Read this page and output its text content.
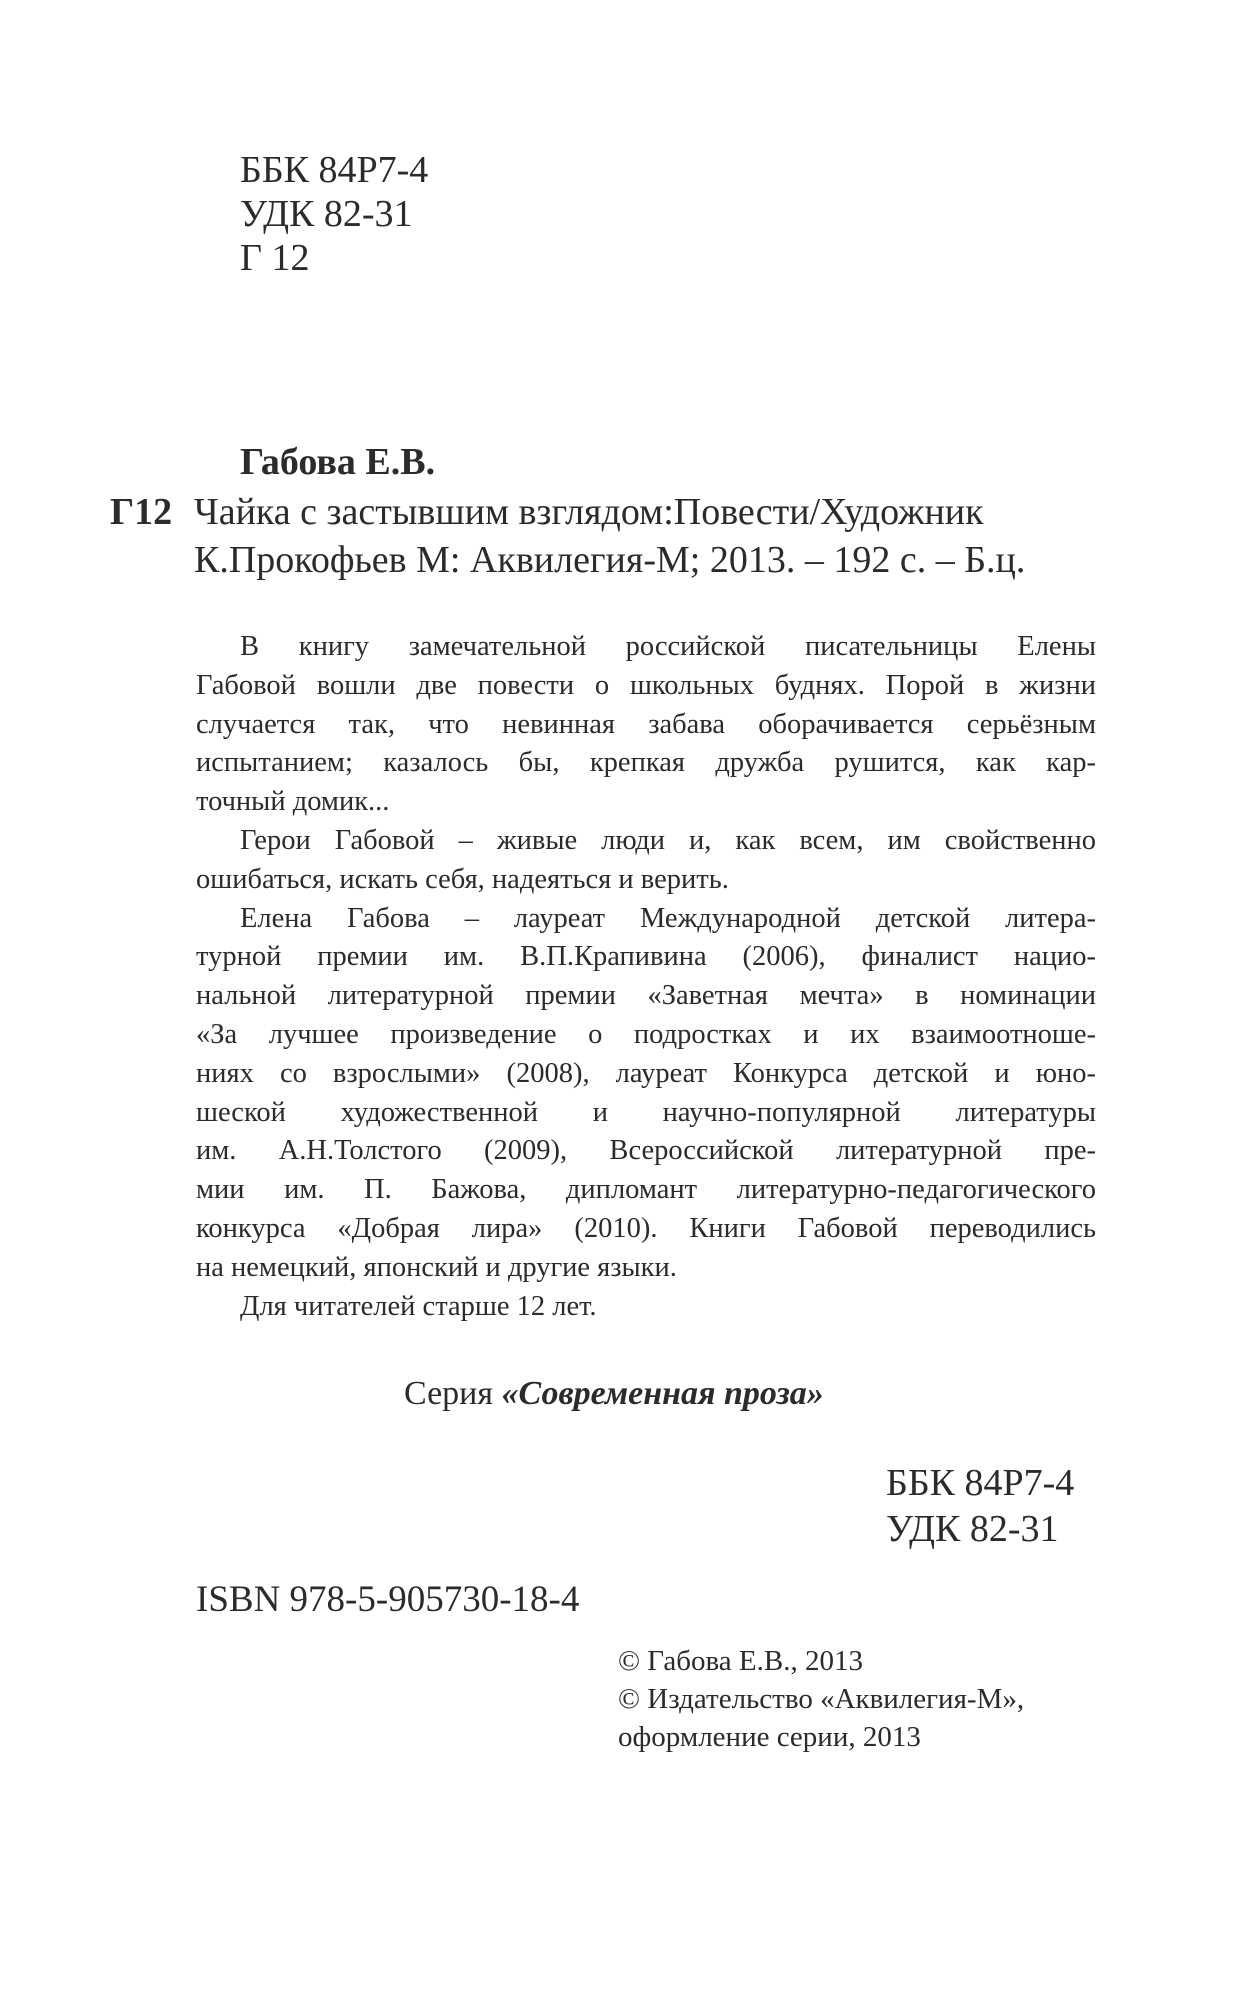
ББК 84Р7-4
УДК 82-31
Г 12
Габова Е.В.
Г12 Чайка с застывшим взглядом:Повести/Художник
К.Прокофьев М: Аквилегия-М; 2013. – 192 с. – Б.ц.
В книгу замечательной российской писательницы Елены
Габовой вошли две повести о школьных буднях. Порой в жизни
случается так, что невинная забава оборачивается серьёзным
испытанием; казалось бы, крепкая дружба рушится, как кар-
точный домик...
Герои Габовой – живые люди и, как всем, им свойственно
ошибаться, искать себя, надеяться и верить.
Елена Габова – лауреат Международной детской литера-
турной премии им. В.П.Крапивина (2006), финалист нацио-
нальной литературной премии «Заветная мечта» в номинации
«За лучшее произведение о подростках и их взаимоотноше-
ниях со взрослыми» (2008), лауреат Конкурса детской и юно-
шеской художественной и научно-популярной литературы
им. А.Н.Толстого (2009), Всероссийской литературной пре-
мии им. П. Бажова, дипломант литературно-педагогического
конкурса «Добрая лира» (2010). Книги Габовой переводились
на немецкий, японский и другие языки.
Для читателей старше 12 лет.
Серия «Современная проза»
ББК 84Р7-4
УДК 82-31
ISBN 978-5-905730-18-4
© Габова Е.В., 2013
© Издательство «Аквилегия-М»,
оформление серии, 2013
